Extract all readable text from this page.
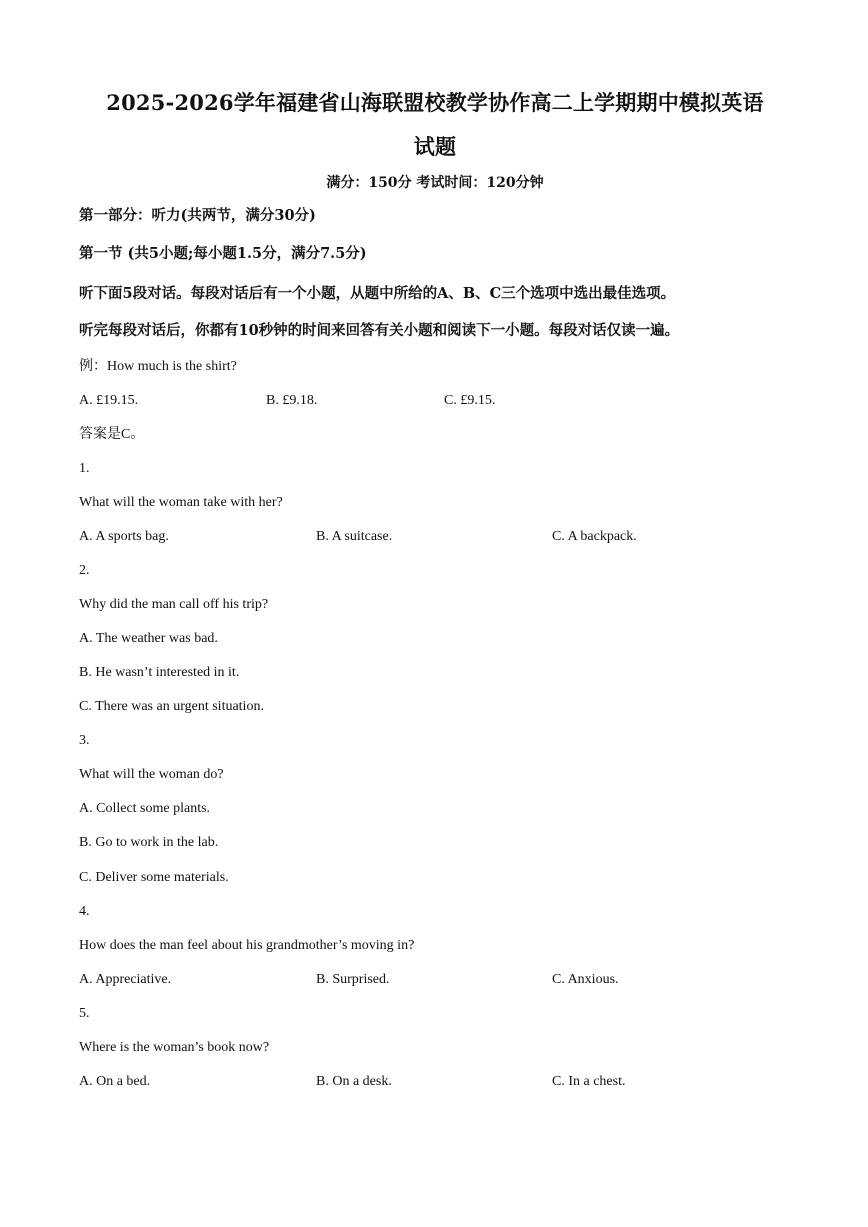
2025-2026学年福建省山海联盟校教学协作高二上学期期中模拟英语
试题
满分：150分 考试时间：120分钟
第一部分：听力(共两节，满分30分)
第一节 (共5小题;每小题1.5分，满分7.5分)
听下面5段对话。每段对话后有一个小题，从题中所给的A、B、C三个选项中选出最佳选项。
听完每段对话后，你都有10秒钟的时间来回答有关小题和阅读下一小题。每段对话仅读一遍。
例：How much is the shirt?
A. £19.15.	B. £9.18.	C. £9.15.
答案是C。
1.
What will the woman take with her?
A. A sports bag.	B. A suitcase.	C. A backpack.
2.
Why did the man call off his trip?
A. The weather was bad.
B. He wasn’t interested in it.
C. There was an urgent situation.
3.
What will the woman do?
A. Collect some plants.
B. Go to work in the lab.
C. Deliver some materials.
4.
How does the man feel about his grandmother’s moving in?
A. Appreciative.	B. Surprised.	C. Anxious.
5.
Where is the woman’s book now?
A. On a bed.	B. On a desk.	C. In a chest.
